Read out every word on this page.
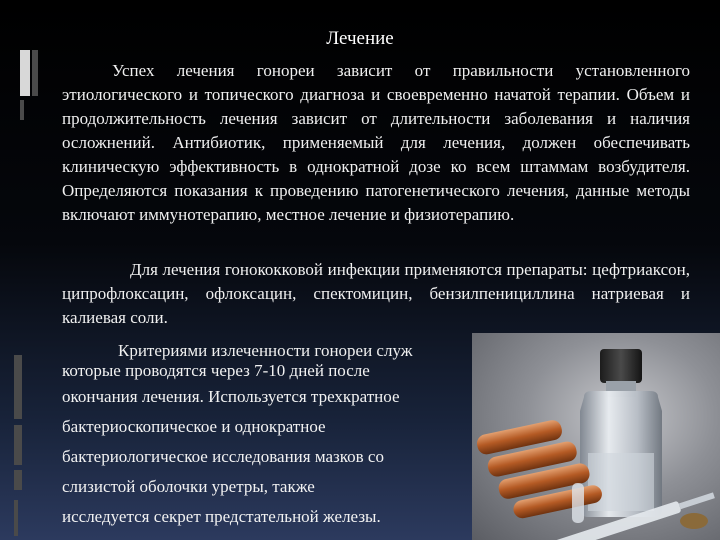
Лечение

Успех лечения гонореи зависит от правильности установленного этиологического и топического диагноза и своевременно начатой терапии. Объем и продолжительность лечения зависит от длительности заболевания и наличия осложнений. Антибиотик, применяемый для лечения, должен обеспечивать клиническую эффективность в однократной дозе ко всем штаммам возбудителя. Определяются показания к проведению патогенетического лечения, данные методы включают иммунотерапию, местное лечение и физиотерапию.

Для лечения гонококковой инфекции применяются препараты: цефтриаксон, ципрофлоксацин, офлоксацин, спектомицин, бензилпенициллина натриевая и калиевая соли.

Критериями излеченности гонореи служ
которые проводятся через 7-10 дней после
окончания лечения. Используется трехкратное
бактериоскопическое и однократное
бактериологическое исследования мазков со
слизистой оболочки уретры, также
исследуется секрет предстательной железы.
